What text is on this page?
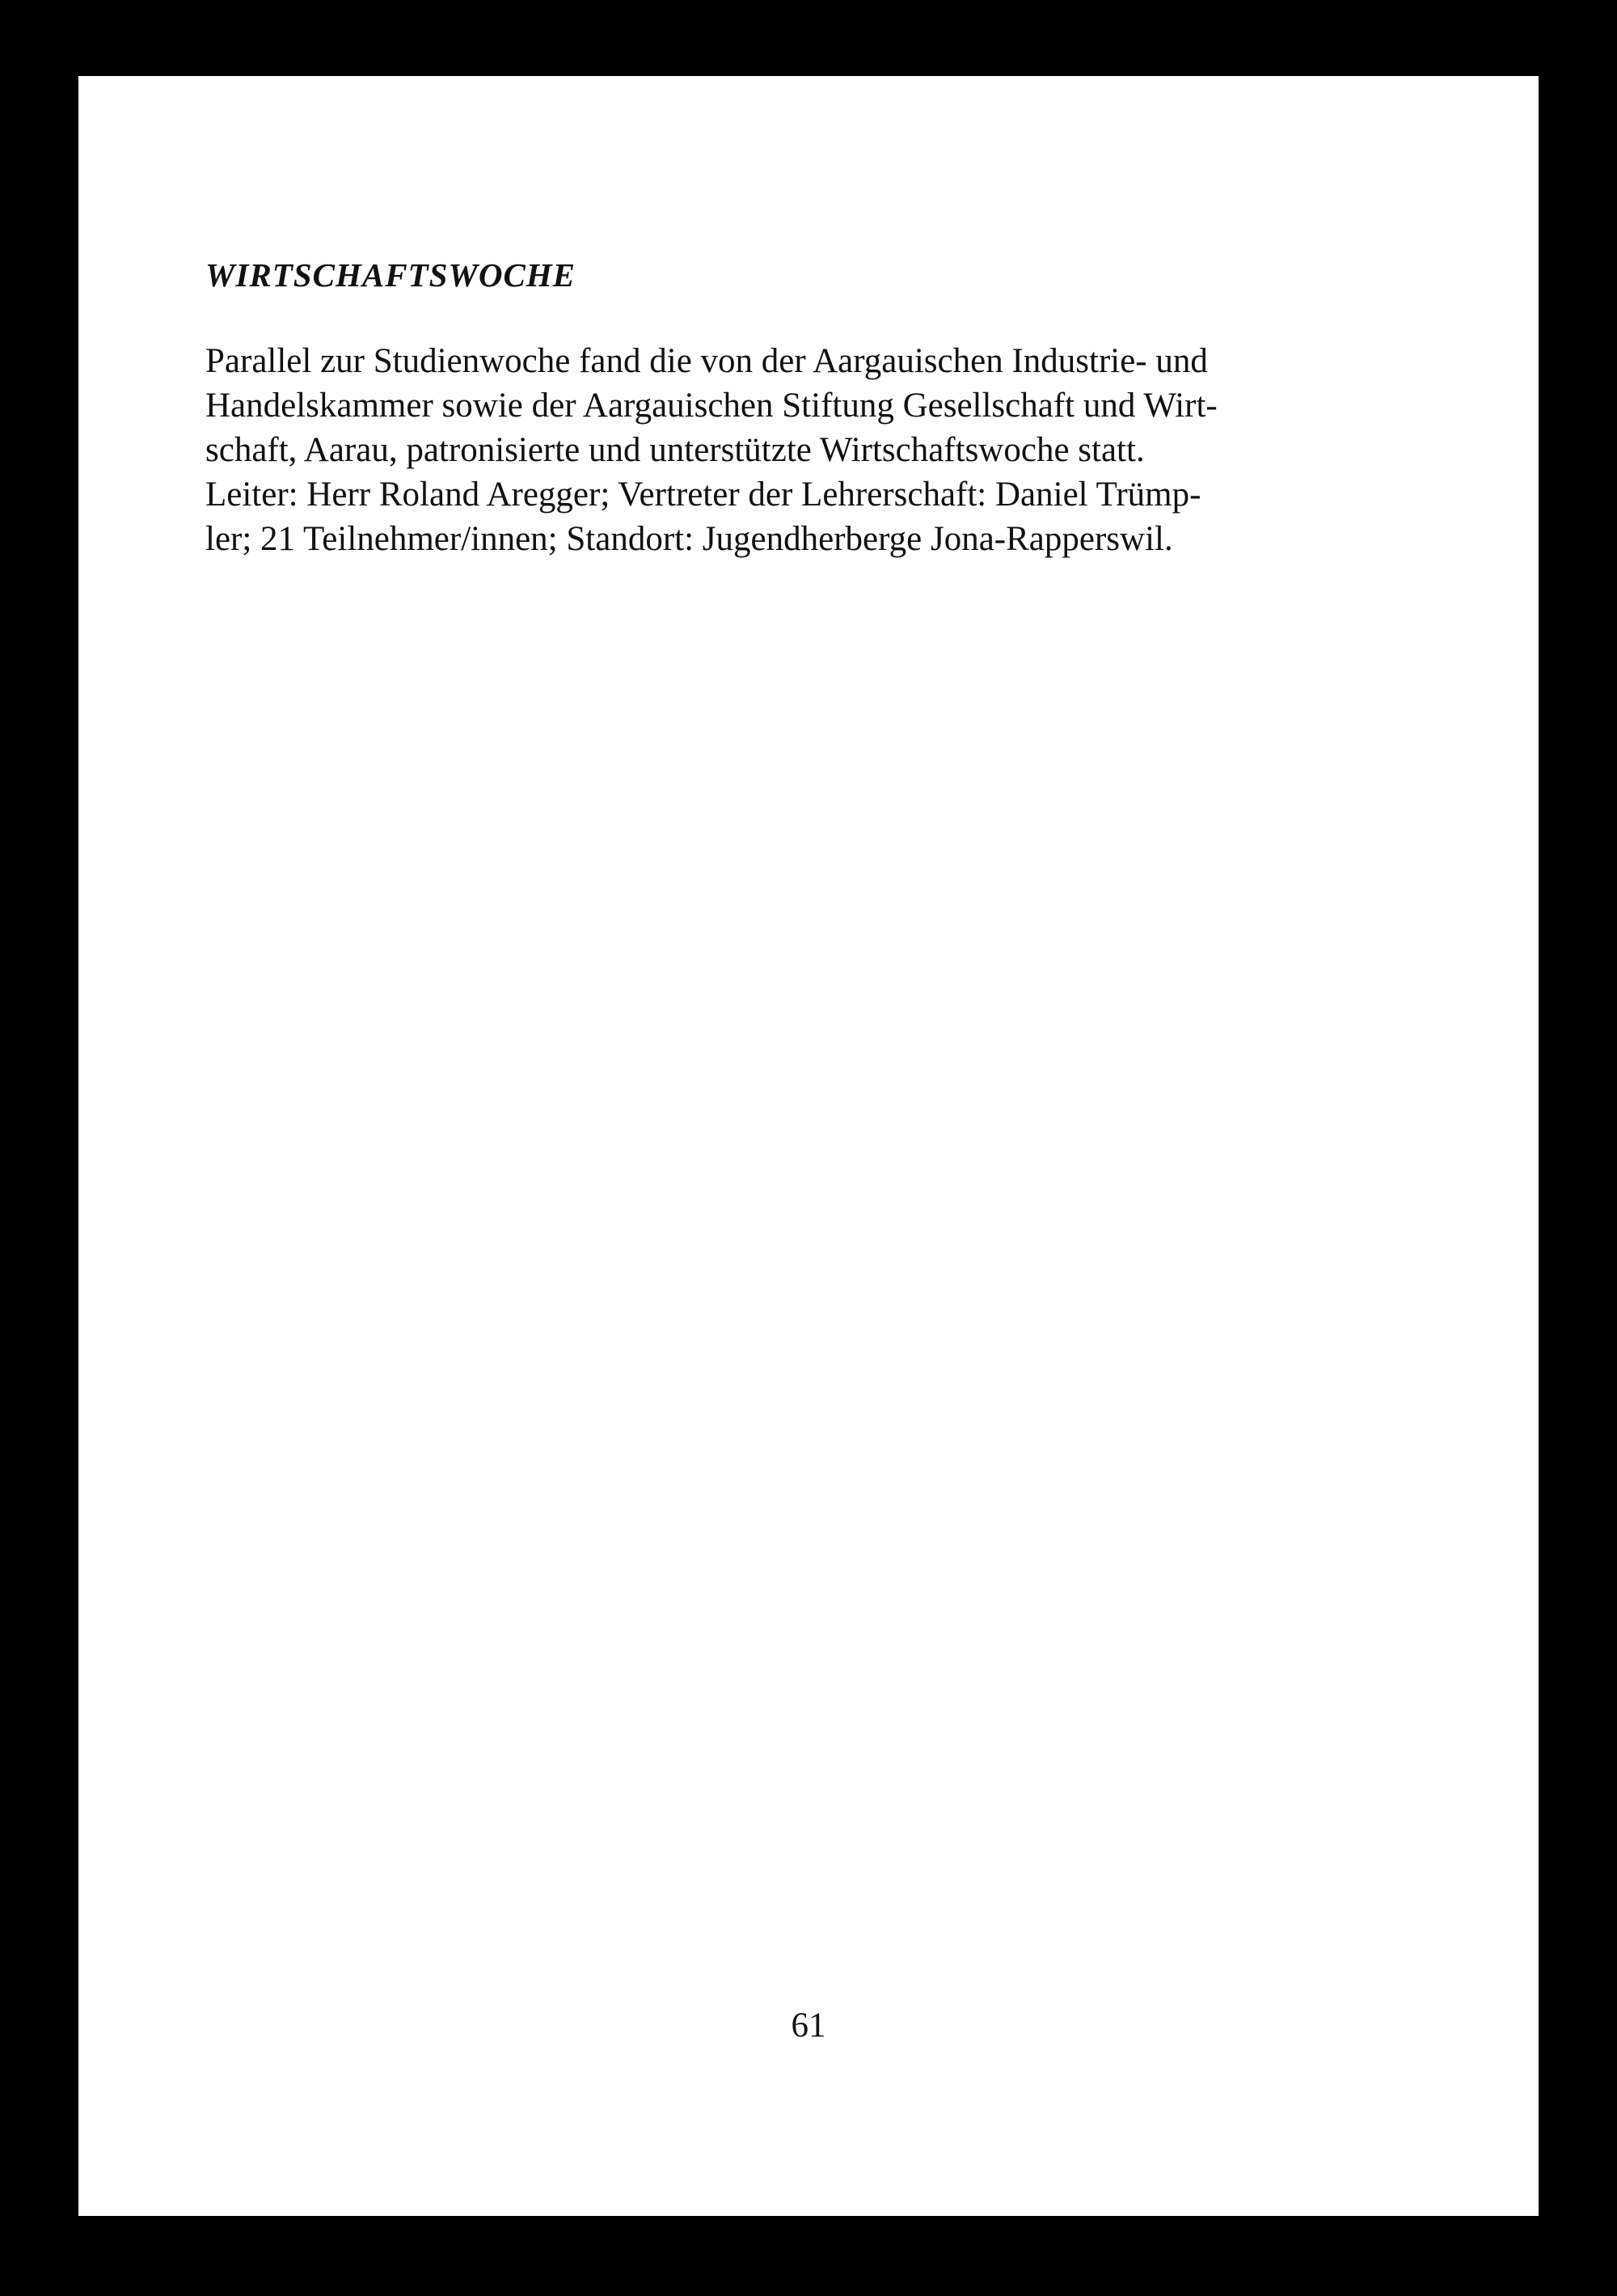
WIRTSCHAFTSWOCHE

Parallel zur Studienwoche fand die von der Aargauischen Industrie- und
Handelskammer sowie der Aargauischen Stiftung Gesellschaft und Wirt-
schaft, Aarau, patronisierte und unterstützte Wirtschaftswoche statt.
Leiter: Herr Roland Aregger; Vertreter der Lehrerschaft: Daniel Trümp-
ler; 21 Teilnehmer/innen; Standort: Jugendherberge Jona-Rapperswil.

61
